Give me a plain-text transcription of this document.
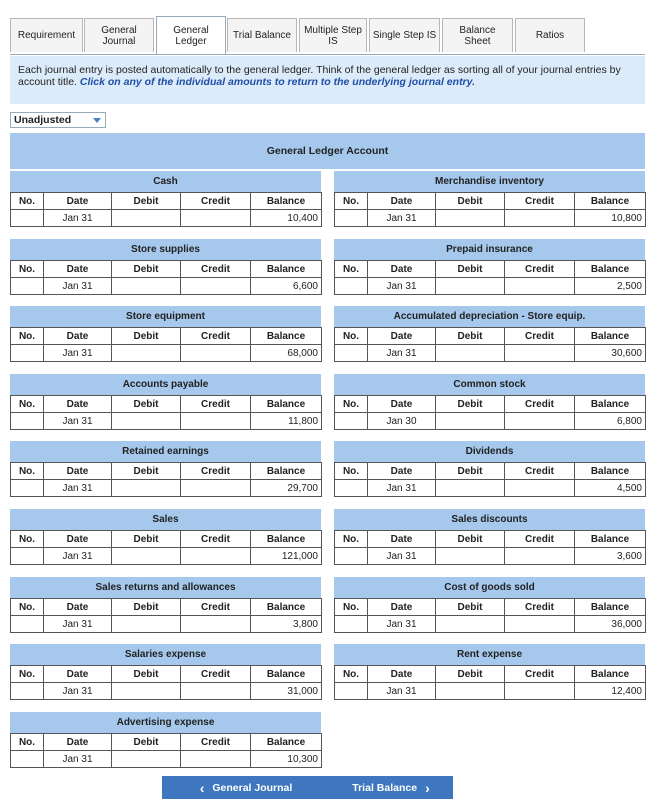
Requirement	General Journal
General Ledger	Trial Balance	Multiple Step IS	Single Step IS	Balance Sheet	Ratios
Each journal entry is posted automatically to the general ledger. Think of the general ledger as sorting all of your journal entries by account title. Click on any of the individual amounts to return to the underlying journal entry.
Unadjusted
General Ledger Account
Cash
No.	Date	Debit	Credit	Balance
	Jan 31			10,400
Merchandise inventory
No.	Date	Debit	Credit	Balance
	Jan 31			10,800
Store supplies
No.	Date	Debit	Credit	Balance
	Jan 31			6,600
Prepaid insurance
No.	Date	Debit	Credit	Balance
	Jan 31			2,500
Store equipment
No.	Date	Debit	Credit	Balance
	Jan 31			68,000
Accumulated depreciation - Store equip.
No.	Date	Debit	Credit	Balance
	Jan 31			30,600
Accounts payable
No.	Date	Debit	Credit	Balance
	Jan 31			11,800
Common stock
No.	Date	Debit	Credit	Balance
	Jan 30			6,800
Retained earnings
No.	Date	Debit	Credit	Balance
	Jan 31			29,700
Dividends
No.	Date	Debit	Credit	Balance
	Jan 31			4,500
Sales
No.	Date	Debit	Credit	Balance
	Jan 31			121,000
Sales discounts
No.	Date	Debit	Credit	Balance
	Jan 31			3,600
Sales returns and allowances
No.	Date	Debit	Credit	Balance
	Jan 31			3,800
Cost of goods sold
No.	Date	Debit	Credit	Balance
	Jan 31			36,000
Salaries expense
No.	Date	Debit	Credit	Balance
	Jan 31			31,000
Rent expense
No.	Date	Debit	Credit	Balance
	Jan 31			12,400
Advertising expense
No.	Date	Debit	Credit	Balance
	Jan 31			10,300
‹ General Journal	Trial Balance ›
